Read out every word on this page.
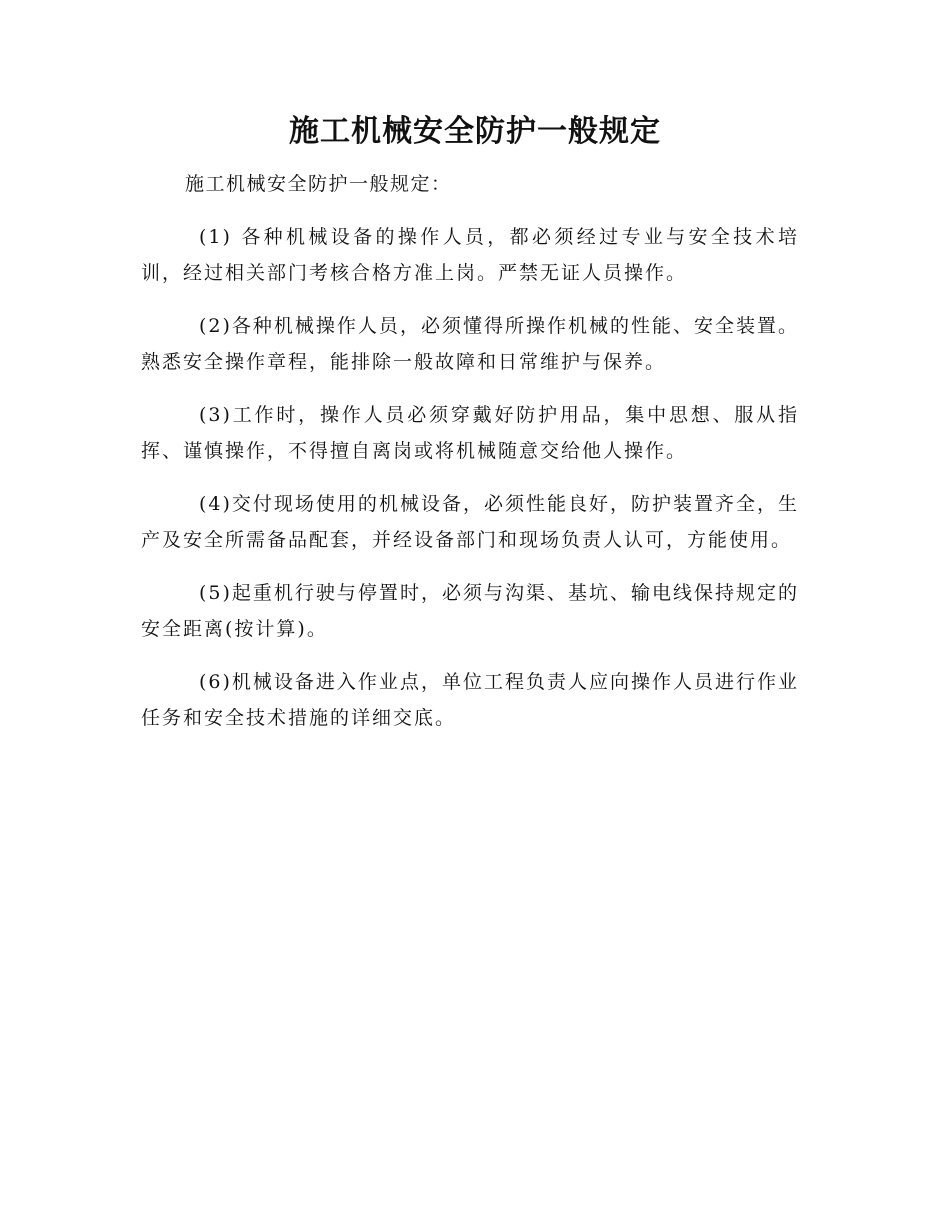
施工机械安全防护一般规定

施工机械安全防护一般规定：

(1) 各种机械设备的操作人员，都必须经过专业与安全技术培训，经过相关部门考核合格方准上岗。严禁无证人员操作。

(2)各种机械操作人员，必须懂得所操作机械的性能、安全装置。熟悉安全操作章程，能排除一般故障和日常维护与保养。

(3)工作时，操作人员必须穿戴好防护用品，集中思想、服从指挥、谨慎操作，不得擅自离岗或将机械随意交给他人操作。

(4)交付现场使用的机械设备，必须性能良好，防护装置齐全，生产及安全所需备品配套，并经设备部门和现场负责人认可，方能使用。

(5)起重机行驶与停置时，必须与沟渠、基坑、输电线保持规定的安全距离(按计算)。

(6)机械设备进入作业点，单位工程负责人应向操作人员进行作业任务和安全技术措施的详细交底。
